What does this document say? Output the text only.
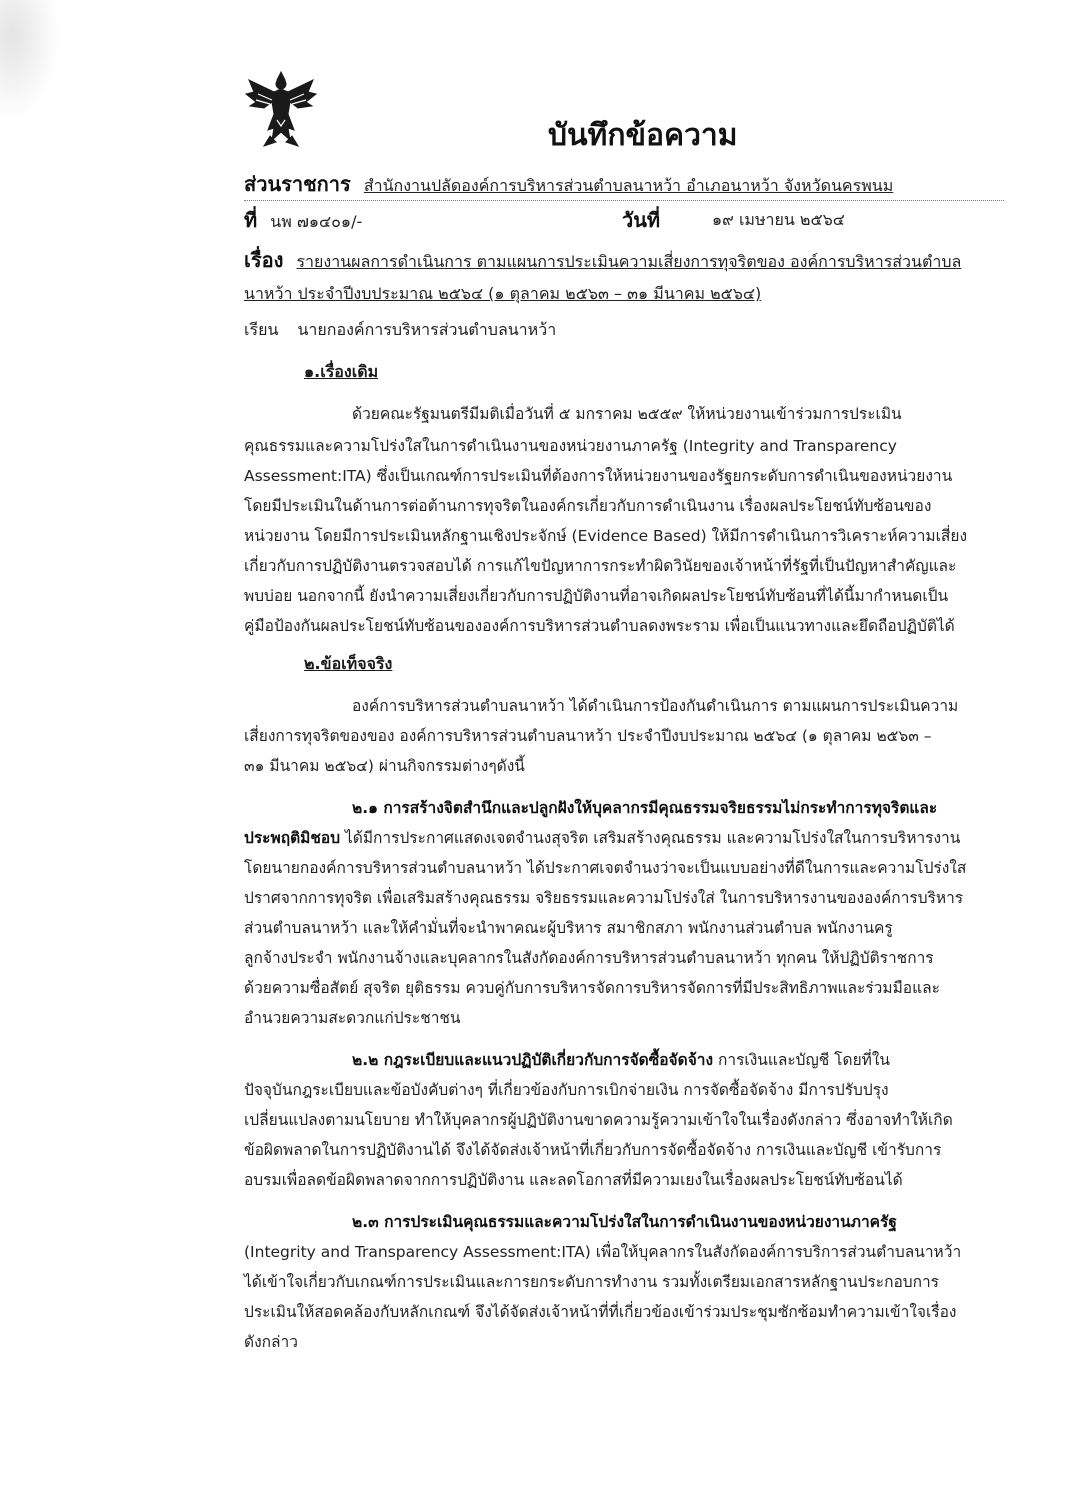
บันทึกข้อความ
ส่วนราชการ สำนักงานปลัดองค์การบริหารส่วนตำบลนาหว้า อำเภอนาหว้า จังหวัดนครพนม
ที่ นพ ๗๑๔๐๑/-	วันที่	๑๙ เมษายน ๒๕๖๔
เรื่อง รายงานผลการดำเนินการ ตามแผนการประเมินความเสี่ยงการทุจริตของ องค์การบริหารส่วนตำบล
นาหว้า ประจำปีงบประมาณ ๒๕๖๔ (๑ ตุลาคม ๒๕๖๓ – ๓๑ มีนาคม ๒๕๖๔)
เรียน นายกองค์การบริหารส่วนตำบลนาหว้า
๑.เรื่องเดิม
ด้วยคณะรัฐมนตรีมีมติเมื่อวันที่ ๕ มกราคม ๒๕๕๙ ให้หน่วยงานเข้าร่วมการประเมิน
คุณธรรมและความโปร่งใสในการดำเนินงานของหน่วยงานภาครัฐ (Integrity and Transparency
Assessment:ITA) ซึ่งเป็นเกณฑ์การประเมินที่ต้องการให้หน่วยงานของรัฐยกระดับการดำเนินของหน่วยงาน
โดยมีประเมินในด้านการต่อต้านการทุจริตในองค์กรเกี่ยวกับการดำเนินงาน เรื่องผลประโยชน์ทับซ้อนของ
หน่วยงาน โดยมีการประเมินหลักฐานเชิงประจักษ์ (Evidence Based) ให้มีการดำเนินการวิเคราะห์ความเสี่ยง
เกี่ยวกับการปฏิบัติงานตรวจสอบได้ การแก้ไขปัญหาการกระทำผิดวินัยของเจ้าหน้าที่รัฐที่เป็นปัญหาสำคัญและ
พบบ่อย นอกจากนี้ ยังนำความเสี่ยงเกี่ยวกับการปฏิบัติงานที่อาจเกิดผลประโยชน์ทับซ้อนที่ได้นี้มากำหนดเป็น
คู่มือป้องกันผลประโยชน์ทับซ้อนขององค์การบริหารส่วนตำบลดงพระราม เพื่อเป็นแนวทางและยึดถือปฏิบัติได้
๒.ข้อเท็จจริง
องค์การบริหารส่วนตำบลนาหว้า ได้ดำเนินการป้องกันดำเนินการ ตามแผนการประเมินความ
เสี่ยงการทุจริตของของ องค์การบริหารส่วนตำบลนาหว้า ประจำปีงบประมาณ ๒๕๖๔ (๑ ตุลาคม ๒๕๖๓ –
๓๑ มีนาคม ๒๕๖๔) ผ่านกิจกรรมต่างๆดังนี้
๒.๑ การสร้างจิตสำนึกและปลูกฝังให้บุคลากรมีคุณธรรมจริยธรรมไม่กระทำการทุจริตและ
ประพฤติมิชอบ ได้มีการประกาศแสดงเจตจำนงสุจริต เสริมสร้างคุณธรรม และความโปร่งใสในการบริหารงาน
โดยนายกองค์การบริหารส่วนตำบลนาหว้า ได้ประกาศเจตจำนงว่าจะเป็นแบบอย่างที่ดีในการและความโปร่งใส
ปราศจากการทุจริต เพื่อเสริมสร้างคุณธรรม จริยธรรมและความโปร่งใส่ ในการบริหารงานขององค์การบริหาร
ส่วนตำบลนาหว้า และให้คำมั่นที่จะนำพาคณะผู้บริหาร สมาชิกสภา พนักงานส่วนตำบล พนักงานครู
ลูกจ้างประจำ พนักงานจ้างและบุคลากรในสังกัดองค์การบริหารส่วนตำบลนาหว้า ทุกคน ให้ปฏิบัติราชการ
ด้วยความซื่อสัตย์ สุจริต ยุติธรรม ควบคู่กับการบริหารจัดการบริหารจัดการที่มีประสิทธิภาพและร่วมมือและ
อำนวยความสะดวกแก่ประชาชน
๒.๒ กฎระเบียบและแนวปฏิบัติเกี่ยวกับการจัดซื้อจัดจ้าง การเงินและบัญชี โดยที่ใน
ปัจจุบันกฎระเบียบและข้อบังคับต่างๆ ที่เกี่ยวข้องกับการเบิกจ่ายเงิน การจัดซื้อจัดจ้าง มีการปรับปรุง
เปลี่ยนแปลงตามนโยบาย ทำให้บุคลากรผู้ปฏิบัติงานขาดความรู้ความเข้าใจในเรื่องดังกล่าว ซึ่งอาจทำให้เกิด
ข้อผิดพลาดในการปฏิบัติงานได้ จึงได้จัดส่งเจ้าหน้าที่เกี่ยวกับการจัดซื้อจัดจ้าง การเงินและบัญชี เข้ารับการ
อบรมเพื่อลดข้อผิดพลาดจากการปฏิบัติงาน และลดโอกาสที่มีความเยงในเรื่องผลประโยชน์ทับซ้อนได้
๒.๓ การประเมินคุณธรรมและความโปร่งใสในการดำเนินงานของหน่วยงานภาครัฐ
(Integrity and Transparency Assessment:ITA) เพื่อให้บุคลากรในสังกัดองค์การบริการส่วนตำบลนาหว้า
ได้เข้าใจเกี่ยวกับเกณฑ์การประเมินและการยกระดับการทำงาน รวมทั้งเตรียมเอกสารหลักฐานประกอบการ
ประเมินให้สอดคล้องกับหลักเกณฑ์ จึงได้จัดส่งเจ้าหน้าที่ที่เกี่ยวข้องเข้าร่วมประชุมซักซ้อมทำความเข้าใจเรื่อง
ดังกล่าว
